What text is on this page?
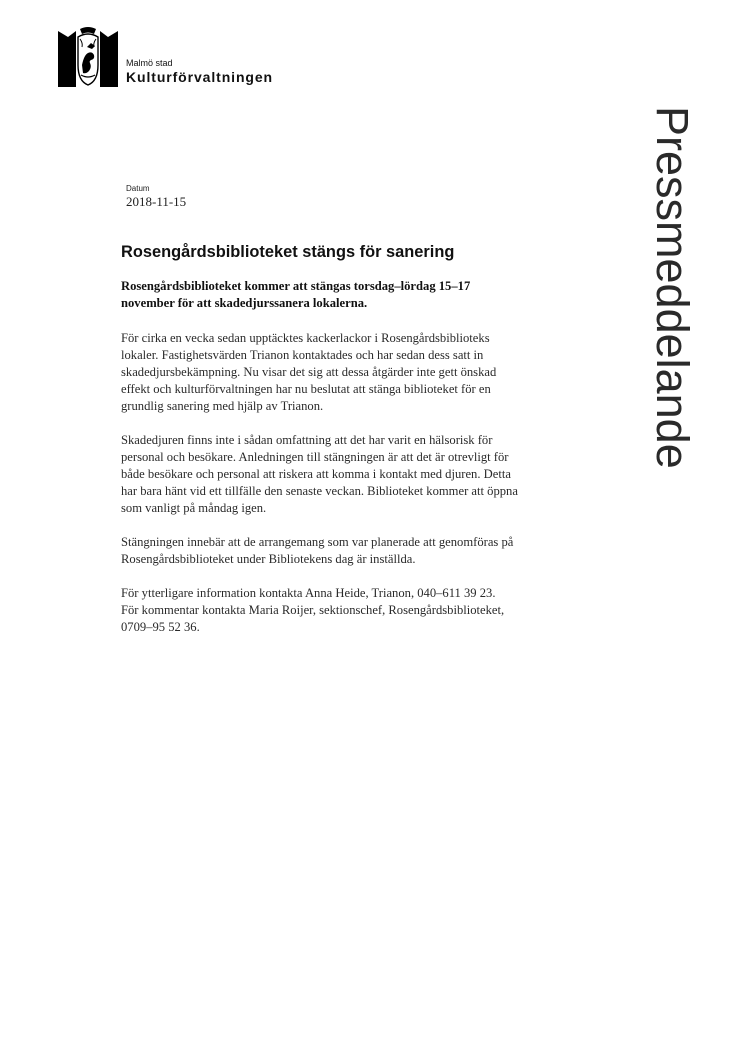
Malmö stad
Kulturförvaltningen
Pressmeddelande
Datum
2018-11-15
Rosengårdsbiblioteket stängs för sanering

Rosengårdsbiblioteket kommer att stängas torsdag–lördag 15–17
november för att skadedjurssanera lokalerna.

För cirka en vecka sedan upptäcktes kackerlackor i Rosengårdsbiblioteks
lokaler. Fastighetsvärden Trianon kontaktades och har sedan dess satt in
skadedjursbekämpning. Nu visar det sig att dessa åtgärder inte gett önskad
effekt och kulturförvaltningen har nu beslutat att stänga biblioteket för en
grundlig sanering med hjälp av Trianon.

Skadedjuren finns inte i sådan omfattning att det har varit en hälsorisk för
personal och besökare. Anledningen till stängningen är att det är otrevligt för
både besökare och personal att riskera att komma i kontakt med djuren. Detta
har bara hänt vid ett tillfälle den senaste veckan. Biblioteket kommer att öppna
som vanligt på måndag igen.

Stängningen innebär att de arrangemang som var planerade att genomföras på
Rosengårdsbiblioteket under Bibliotekens dag är inställda.

För ytterligare information kontakta Anna Heide, Trianon, 040–611 39 23.
För kommentar kontakta Maria Roijer, sektionschef, Rosengårdsbiblioteket,
0709–95 52 36.
